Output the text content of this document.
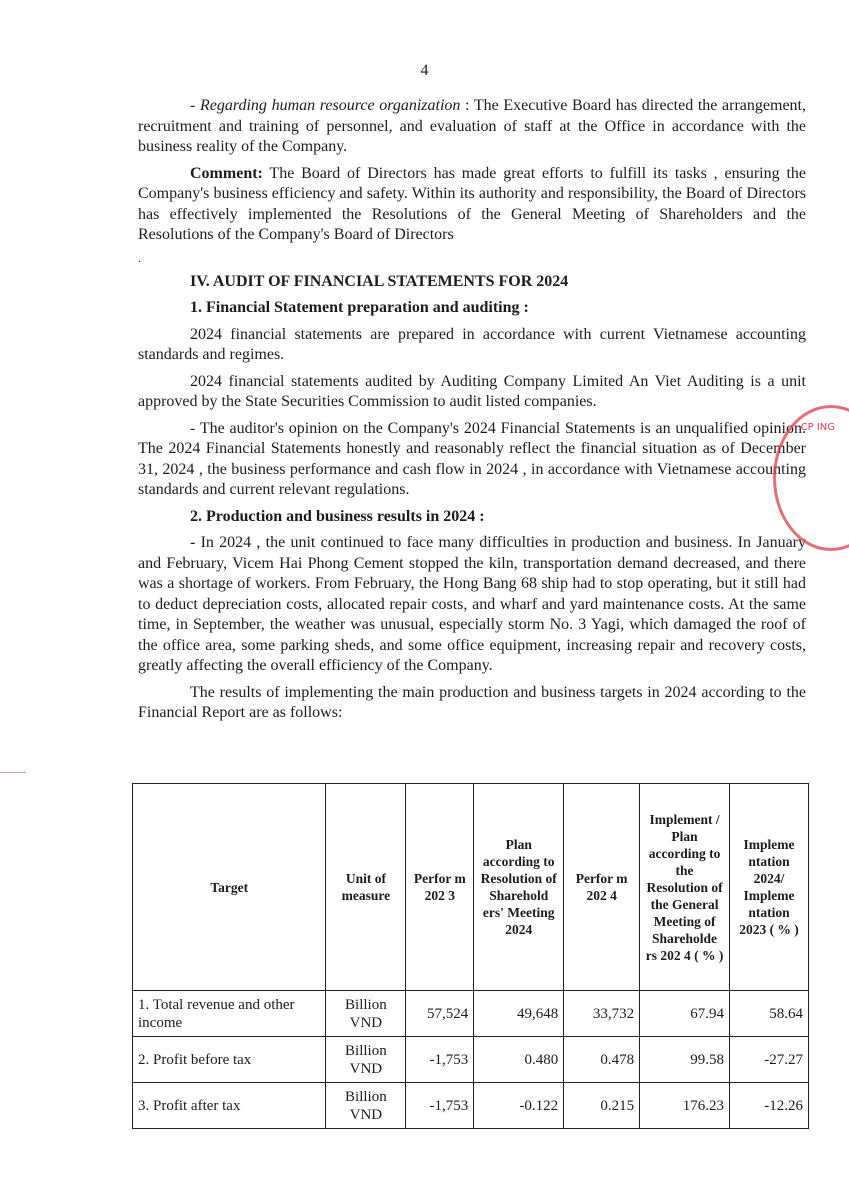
4

- Regarding human resource organization : The Executive Board has directed the arrangement, recruitment and training of personnel, and evaluation of staff at the Office in accordance with the business reality of the Company.

Comment: The Board of Directors has made great efforts to fulfill its tasks , ensuring the Company's business efficiency and safety. Within its authority and responsibility, the Board of Directors has effectively implemented the Resolutions of the General Meeting of Shareholders and the Resolutions of the Company's Board of Directors

.
IV. AUDIT OF FINANCIAL STATEMENTS FOR 2024
1. Financial Statement preparation and auditing :

2024 financial statements are prepared in accordance with current Vietnamese accounting standards and regimes.

2024 financial statements audited by Auditing Company Limited An Viet Auditing is a unit approved by the State Securities Commission to audit listed companies.

- The auditor's opinion on the Company's 2024 Financial Statements is an unqualified opinion. The 2024 Financial Statements honestly and reasonably reflect the financial situation as of December 31, 2024 , the business performance and cash flow in 2024 , in accordance with Vietnamese accounting standards and current relevant regulations.

2. Production and business results in 2024 :

- In 2024 , the unit continued to face many difficulties in production and business. In January and February, Vicem Hai Phong Cement stopped the kiln, transportation demand decreased, and there was a shortage of workers. From February, the Hong Bang 68 ship had to stop operating, but it still had to deduct depreciation costs, allocated repair costs, and wharf and yard maintenance costs. At the same time, in September, the weather was unusual, especially storm No. 3 Yagi, which damaged the roof of the office area, some parking sheds, and some office equipment, increasing repair and recovery costs, greatly affecting the overall efficiency of the Company.

The results of implementing the main production and business targets in 2024 according to the Financial Report are as follows:

Target	Unit of measure	Perfor m 202 3	Plan according to Resolution of Sharehold ers' Meeting 2024	Perfor m 202 4	Implement / Plan according to the Resolution of the General Meeting of Shareholde rs 202 4 ( % )	Impleme ntation 2024/ Impleme ntation 2023 ( % )
1. Total revenue and other income	Billion VND	57,524	49,648	33,732	67.94	58.64
2. Profit before tax	Billion VND	-1,753	0.480	0.478	99.58	-27.27
3. Profit after tax	Billion VND	-1,753	-0.122	0.215	176.23	-12.26
CP ING
